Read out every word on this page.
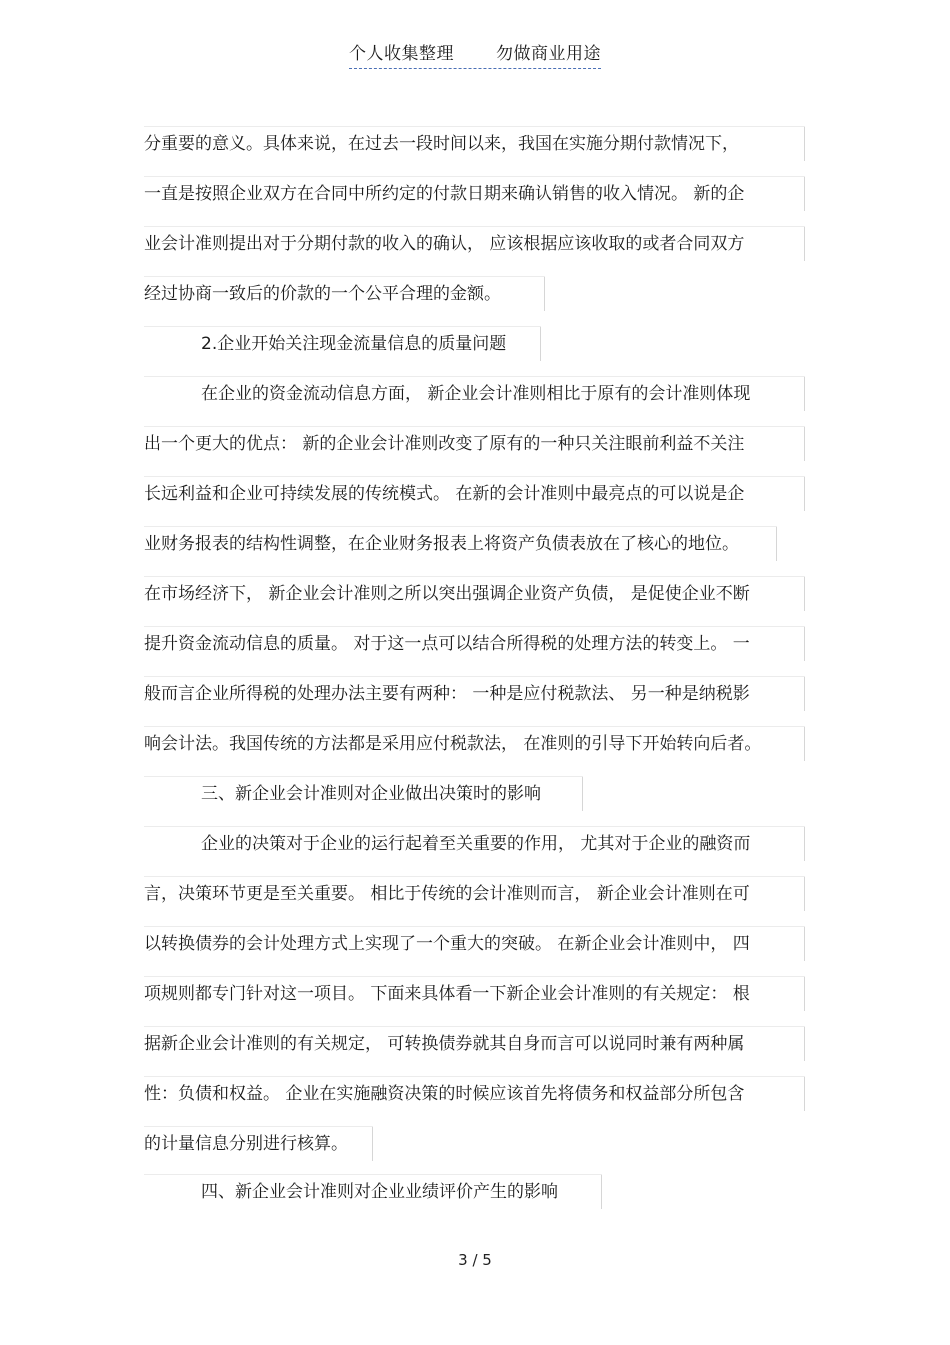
个人收集整理 勿做商业用途
分重要的意义。具体来说，在过去一段时间以来，我国在实施分期付款情况下，
一直是按照企业双方在合同中所约定的付款日期来确认销售的收入情况。 新的企
业会计准则提出对于分期付款的收入的确认， 应该根据应该收取的或者合同双方
经过协商一致后的价款的一个公平合理的金额。
2.企业开始关注现金流量信息的质量问题
在企业的资金流动信息方面， 新企业会计准则相比于原有的会计准则体现
出一个更大的优点： 新的企业会计准则改变了原有的一种只关注眼前利益不关注
长远利益和企业可持续发展的传统模式。 在新的会计准则中最亮点的可以说是企
业财务报表的结构性调整，在企业财务报表上将资产负债表放在了核心的地位。
在市场经济下， 新企业会计准则之所以突出强调企业资产负债， 是促使企业不断
提升资金流动信息的质量。 对于这一点可以结合所得税的处理方法的转变上。 一
般而言企业所得税的处理办法主要有两种： 一种是应付税款法、 另一种是纳税影
响会计法。我国传统的方法都是采用应付税款法， 在准则的引导下开始转向后者。
三、新企业会计准则对企业做出决策时的影响
企业的决策对于企业的运行起着至关重要的作用， 尤其对于企业的融资而
言，决策环节更是至关重要。 相比于传统的会计准则而言， 新企业会计准则在可
以转换债券的会计处理方式上实现了一个重大的突破。 在新企业会计准则中， 四
项规则都专门针对这一项目。 下面来具体看一下新企业会计准则的有关规定： 根
据新企业会计准则的有关规定， 可转换债券就其自身而言可以说同时兼有两种属
性：负债和权益。 企业在实施融资决策的时候应该首先将债务和权益部分所包含
的计量信息分别进行核算。
四、新企业会计准则对企业业绩评价产生的影响
3 / 5
